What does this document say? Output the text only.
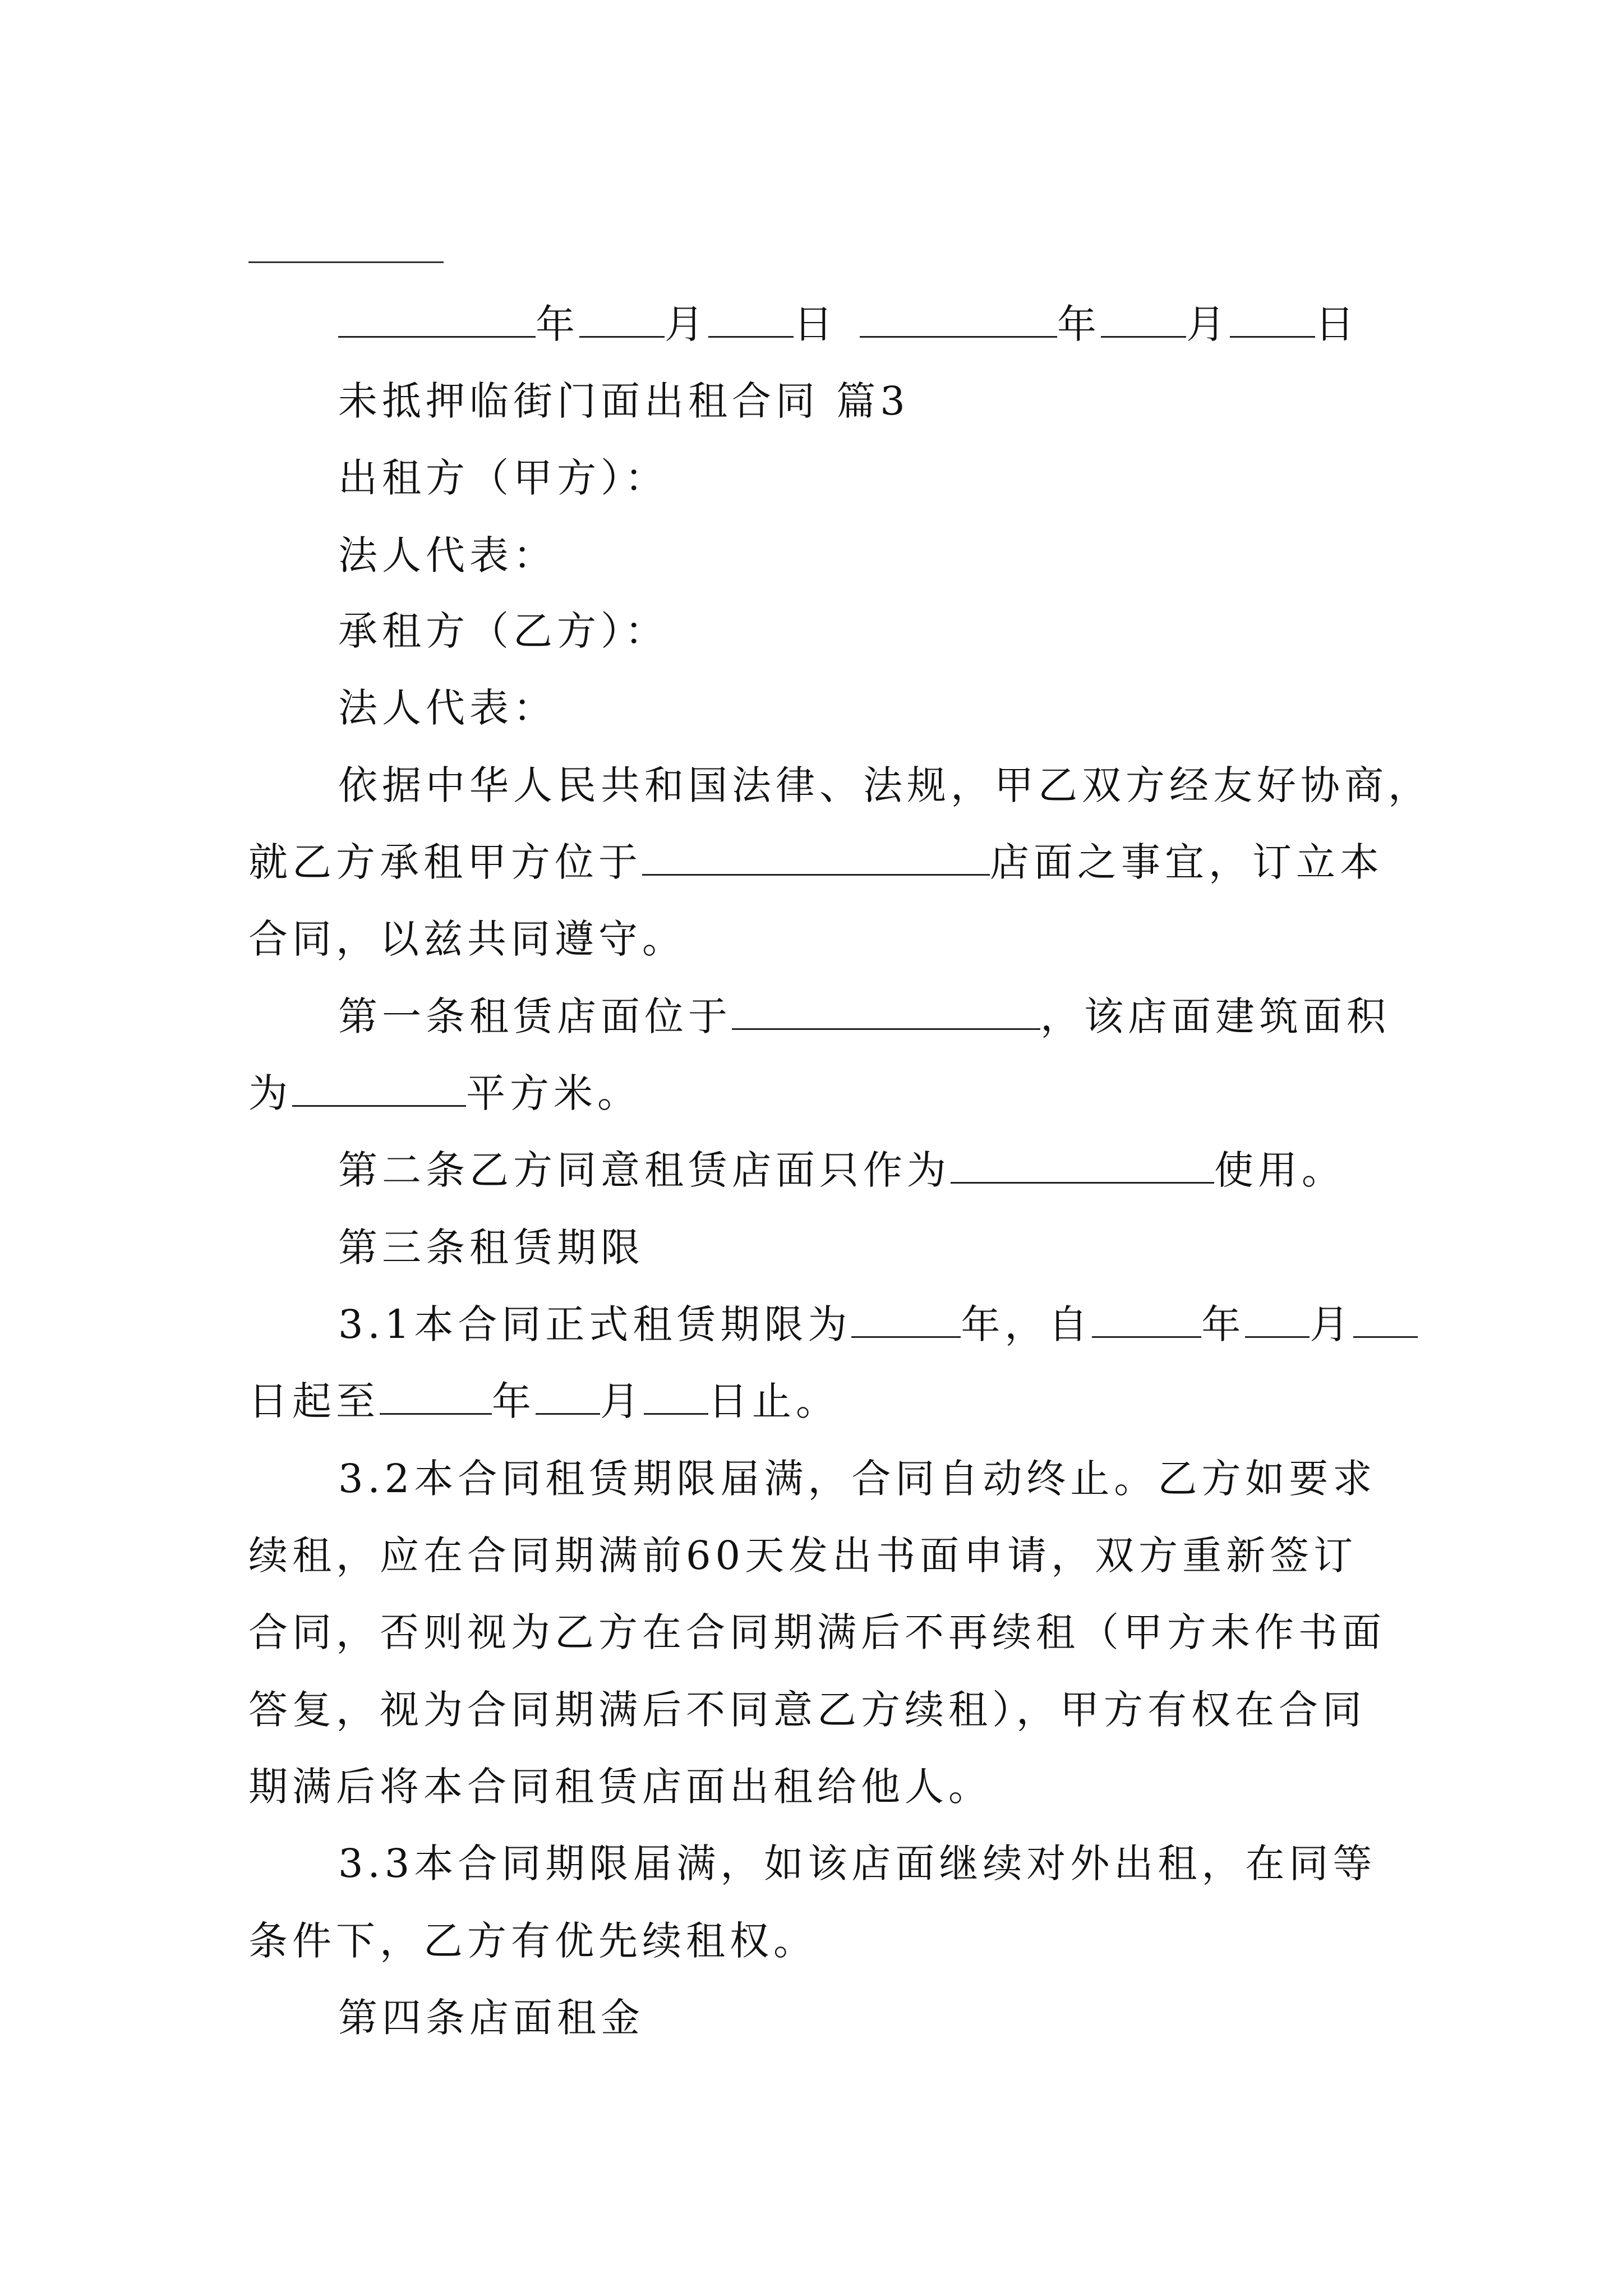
年 月 日	年 月 日
未抵押临街门面出租合同 篇3
出租方（甲方）：
法人代表：
承租方（乙方）：
法人代表：
依据中华人民共和国法律、法规，甲乙双方经友好协商，
就乙方承租甲方位于	店面之事宜，订立本
合同，以兹共同遵守。
第一条租赁店面位于	，该店面建筑面积
为	平方米。
第二条乙方同意租赁店面只作为	使用。
第三条租赁期限
3.1本合同正式租赁期限为	年，自	年 月
日起至	年 月 日止。
3.2本合同租赁期限届满，合同自动终止。乙方如要求
续租，应在合同期满前60天发出书面申请，双方重新签订
合同，否则视为乙方在合同期满后不再续租（甲方未作书面
答复，视为合同期满后不同意乙方续租），甲方有权在合同
期满后将本合同租赁店面出租给他人。
3.3本合同期限届满，如该店面继续对外出租，在同等
条件下，乙方有优先续租权。
第四条店面租金
